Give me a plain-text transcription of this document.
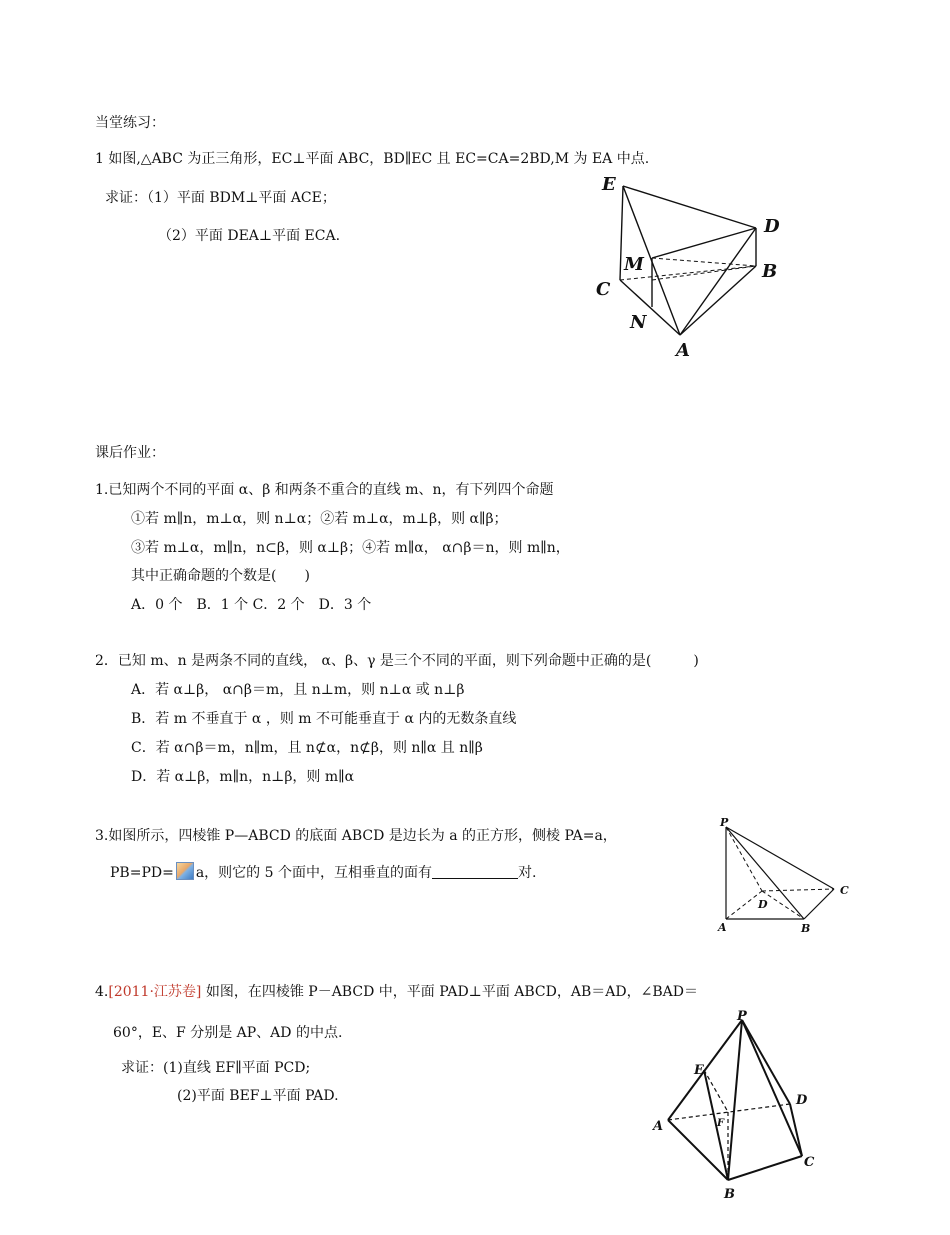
当堂练习：
1 如图,△ABC 为正三角形，EC⊥平面 ABC，BD∥EC 且 EC=CA=2BD,M 为 EA 中点.
求证：（1）平面 BDM⊥平面 ACE；
（2）平面 DEA⊥平面 ECA.
E
D
M	B
C
N
A
课后作业：
1.已知两个不同的平面 α、β 和两条不重合的直线 m、n，有下列四个命题
①若 m∥n，m⊥α，则 n⊥α；②若 m⊥α，m⊥β，则 α∥β；
③若 m⊥α，m∥n，n⊂β，则 α⊥β；④若 m∥α， α∩β＝n，则 m∥n，
其中正确命题的个数是(　　)
A．0 个　B．1 个 C．2 个　D．3 个
2．已知 m、n 是两条不同的直线， α、β、γ 是三个不同的平面，则下列命题中正确的是(　　　)
A．若 α⊥β， α∩β＝m，且 n⊥m，则 n⊥α 或 n⊥β
B．若 m 不垂直于 α ，则 m 不可能垂直于 α 内的无数条直线
C．若 α∩β＝m，n∥m，且 n⊄α，n⊄β，则 n∥α 且 n∥β
D．若 α⊥β，m∥n，n⊥β，则 m∥α
3.如图所示，四棱锥 P—ABCD 的底面 ABCD 是边长为 a 的正方形，侧棱 PA=a，
PB=PD= a，则它的 5 个面中，互相垂直的面有	对.
P
A	B
C
D
4.[2011·江苏卷] 如图，在四棱锥 P－ABCD 中，平面 PAD⊥平面 ABCD，AB＝AD，∠BAD＝
60°，E、F 分别是 AP、AD 的中点.
求证：(1)直线 EF∥平面 PCD;
(2)平面 BEF⊥平面 PAD.
P
E
D
A	F
B
C
